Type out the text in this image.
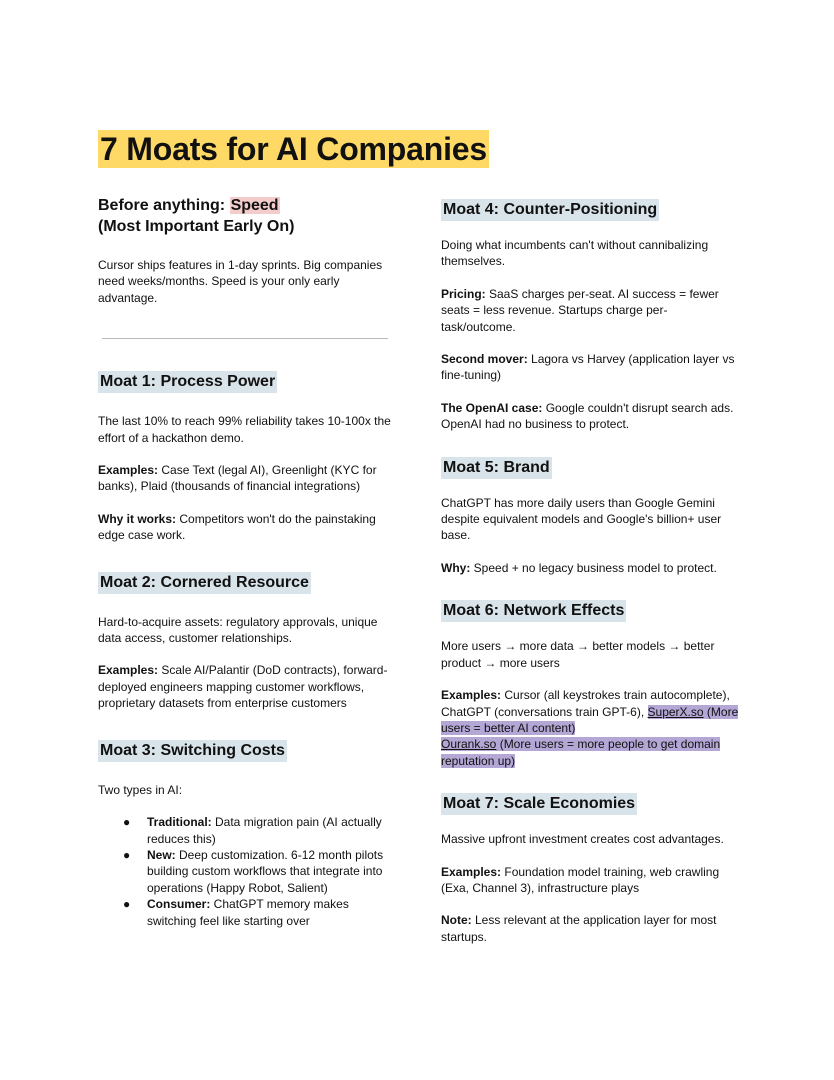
7 Moats for AI Companies
Before anything: Speed
(Most Important Early On)

Cursor ships features in 1-day sprints. Big companies need weeks/months. Speed is your only early advantage.

Moat 1: Process Power

The last 10% to reach 99% reliability takes 10-100x the effort of a hackathon demo.

Examples: Case Text (legal AI), Greenlight (KYC for banks), Plaid (thousands of financial integrations)

Why it works: Competitors won't do the painstaking edge case work.

Moat 2: Cornered Resource

Hard-to-acquire assets: regulatory approvals, unique data access, customer relationships.

Examples: Scale AI/Palantir (DoD contracts), forward-deployed engineers mapping customer workflows, proprietary datasets from enterprise customers

Moat 3: Switching Costs

Two types in AI:

● Traditional: Data migration pain (AI actually reduces this)
● New: Deep customization. 6-12 month pilots building custom workflows that integrate into operations (Happy Robot, Salient)
● Consumer: ChatGPT memory makes switching feel like starting over
Moat 4: Counter-Positioning

Doing what incumbents can't without cannibalizing themselves.

Pricing: SaaS charges per-seat. AI success = fewer seats = less revenue. Startups charge per-task/outcome.

Second mover: Lagora vs Harvey (application layer vs fine-tuning)

The OpenAI case: Google couldn't disrupt search ads. OpenAI had no business to protect.

Moat 5: Brand

ChatGPT has more daily users than Google Gemini despite equivalent models and Google's billion+ user base.

Why: Speed + no legacy business model to protect.

Moat 6: Network Effects

More users → more data → better models → better product → more users

Examples: Cursor (all keystrokes train autocomplete), ChatGPT (conversations train GPT-6), SuperX.so (More users = better AI content)
Ourank.so (More users = more people to get domain reputation up)

Moat 7: Scale Economies

Massive upfront investment creates cost advantages.

Examples: Foundation model training, web crawling (Exa, Channel 3), infrastructure plays

Note: Less relevant at the application layer for most startups.
